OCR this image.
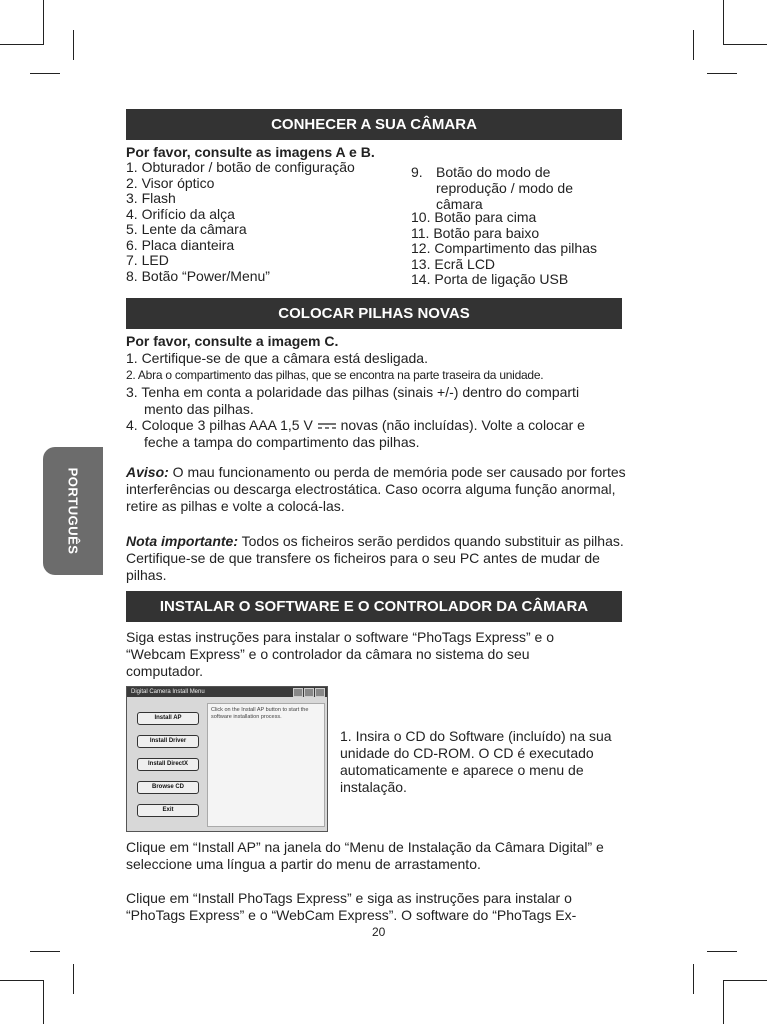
PORTUGUÊS
CONHECER A SUA CÂMARA
Por favor, consulte as imagens A e B.
1. Obturador / botão de configuração
2. Visor óptico
3. Flash
4. Orifício da alça
5. Lente da câmara
6. Placa dianteira
7. LED
8. Botão “Power/Menu”
9. Botão do modo de
reprodução / modo de
câmara
10. Botão para cima
11. Botão para baixo
12. Compartimento das pilhas
13. Ecrã LCD
14. Porta de ligação USB
COLOCAR PILHAS NOVAS
Por favor, consulte a imagem C.
1. Certifique-se de que a câmara está desligada.
2. Abra o compartimento das pilhas, que se encontra na parte traseira da unidade.
3. Tenha em conta a polaridade das pilhas (sinais +/-) dentro do comparti
mento das pilhas.
4. Coloque 3 pilhas AAA 1,5 V novas (não incluídas). Volte a colocar e
feche a tampa do compartimento das pilhas.
Aviso: O mau funcionamento ou perda de memória pode ser causado por fortes interferências ou descarga electrostática. Caso ocorra alguma função anormal, retire as pilhas e volte a colocá-las.
Nota importante: Todos os ficheiros serão perdidos quando substituir as pilhas. Certifique-se de que transfere os ficheiros para o seu PC antes de mudar de pilhas.
INSTALAR O SOFTWARE E O CONTROLADOR DA CÂMARA
Siga estas instruções para instalar o software “PhoTags Express” e o “Webcam Express” e o controlador da câmara no sistema do seu computador.
Digital Camera Install Menu
Install AP
Install Driver
Install DirectX
Browse CD
Exit
Click on the Install AP button to start the software installation process.
1. Insira o CD do Software (incluído) na sua unidade do CD-ROM. O CD é executado automaticamente e aparece o menu de instalação.
Clique em “Install AP” na janela do “Menu de Instalação da Câmara Digital” e seleccione uma língua a partir do menu de arrastamento.
Clique em “Install PhoTags Express” e siga as instruções para instalar o “PhoTags Express” e o “WebCam Express”. O software do “PhoTags Ex-
20
